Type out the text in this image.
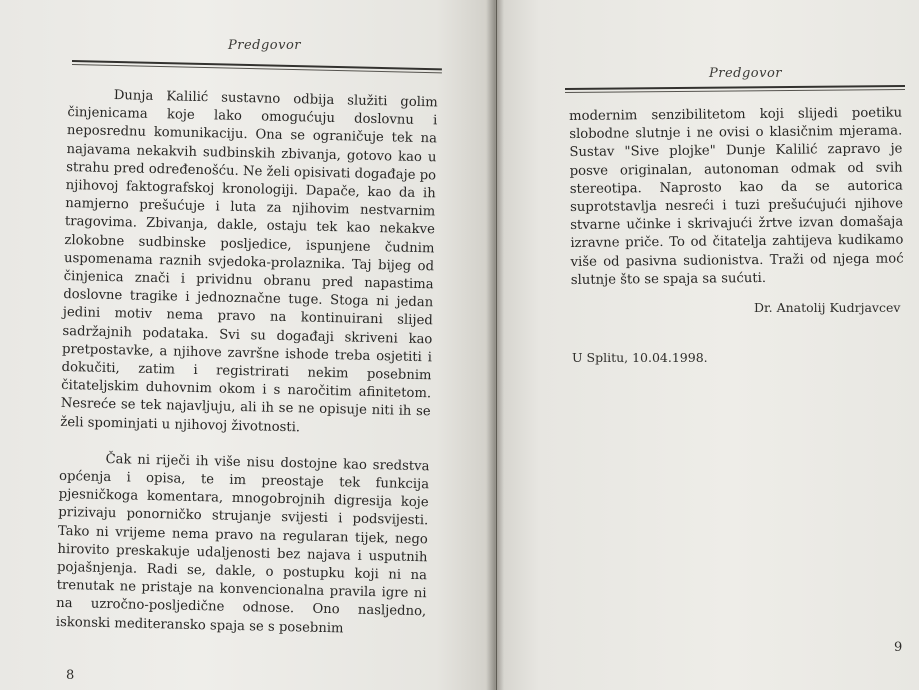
Predgovor

Dunja Kalilić sustavno odbija služiti golim činjenicama koje lako omogućuju doslovnu i neposrednu komunikaciju. Ona se ograničuje tek na najavama nekakvih sudbinskih zbivanja, gotovo kao u strahu pred određenošću. Ne želi opisivati događaje po njihovoj faktografskoj kronologiji. Dapače, kao da ih namjerno prešućuje i luta za njihovim nestvarnim tragovima. Zbivanja, dakle, ostaju tek kao nekakve zlokobne sudbinske posljedice, ispunjene čudnim uspomenama raznih svjedoka-prolaznika. Taj bijeg od činjenica znači i prividnu obranu pred napastima doslovne tragike i jednoznačne tuge. Stoga ni jedan jedini motiv nema pravo na kontinuirani slijed sadržajnih podataka. Svi su događaji skriveni kao pretpostavke, a njihove završne ishode treba osjetiti i dokučiti, zatim i registrirati nekim posebnim čitateljskim duhovnim okom i s naročitim afinitetom. Nesreće se tek najavljuju, ali ih se ne opisuje niti ih se želi spominjati u njihovoj životnosti.

Čak ni riječi ih više nisu dostojne kao sredstva općenja i opisa, te im preostaje tek funkcija pjesničkoga komentara, mnogobrojnih digresija koje prizivaju ponorničko strujanje svijesti i podsvijesti. Tako ni vrijeme nema pravo na regularan tijek, nego hirovito preskakuje udaljenosti bez najava i usputnih pojašnjenja. Radi se, dakle, o postupku koji ni na trenutak ne pristaje na konvencionalna pravila igre ni na uzročno-posljedične odnose. Ono nasljedno, iskonski mediteransko spaja se s posebnim

8
Predgovor

modernim senzibilitetom koji slijedi poetiku slobodne slutnje i ne ovisi o klasičnim mjerama. Sustav "Sive plojke" Dunje Kalilić zapravo je posve originalan, autonoman odmak od svih stereotipa. Naprosto kao da se autorica suprotstavlja nesreći i tuzi prešućujući njihove stvarne učinke i skrivajući žrtve izvan domašaja izravne priče. To od čitatelja zahtijeva kudikamo više od pasivna sudionistva. Traži od njega moć slutnje što se spaja sa sućuti.

Dr. Anatolij Kudrjavcev
U Splitu, 10.04.1998.
9
